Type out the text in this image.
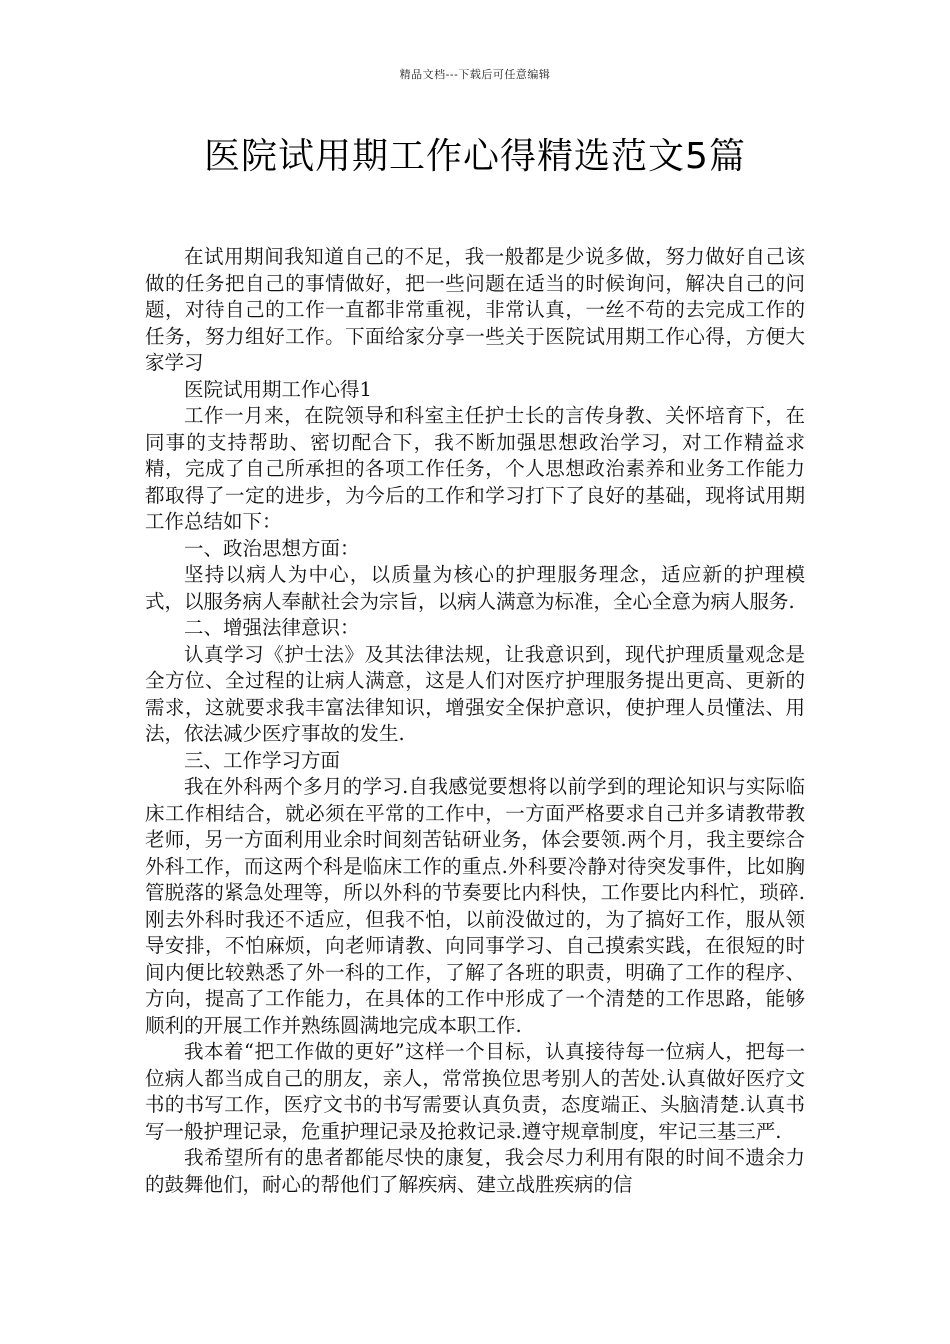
精品文档---下载后可任意编辑
医院试用期工作心得精选范文5篇

在试用期间我知道自己的不足，我一般都是少说多做，努力做好自己该做的任务把自己的事情做好，把一些问题在适当的时候询问，解决自己的问题，对待自己的工作一直都非常重视，非常认真，一丝不苟的去完成工作的任务，努力组好工作。下面给家分享一些关于医院试用期工作心得，方便大家学习

医院试用期工作心得1

工作一月来，在院领导和科室主任护士长的言传身教、关怀培育下，在同事的支持帮助、密切配合下，我不断加强思想政治学习，对工作精益求精，完成了自己所承担的各项工作任务，个人思想政治素养和业务工作能力都取得了一定的进步，为今后的工作和学习打下了良好的基础，现将试用期工作总结如下：

一、政治思想方面：

坚持以病人为中心，以质量为核心的护理服务理念，适应新的护理模式，以服务病人奉献社会为宗旨，以病人满意为标准，全心全意为病人服务.

二、增强法律意识：

认真学习《护士法》及其法律法规，让我意识到，现代护理质量观念是全方位、全过程的让病人满意，这是人们对医疗护理服务提出更高、更新的需求，这就要求我丰富法律知识，增强安全保护意识，使护理人员懂法、用法，依法减少医疗事故的发生.

三、工作学习方面

我在外科两个多月的学习.自我感觉要想将以前学到的理论知识与实际临床工作相结合，就必须在平常的工作中，一方面严格要求自己并多请教带教老师，另一方面利用业余时间刻苦钻研业务，体会要领.两个月，我主要综合外科工作，而这两个科是临床工作的重点.外科要冷静对待突发事件，比如胸管脱落的紧急处理等，所以外科的节奏要比内科快，工作要比内科忙，琐碎.刚去外科时我还不适应，但我不怕，以前没做过的，为了搞好工作，服从领导安排，不怕麻烦，向老师请教、向同事学习、自己摸索实践，在很短的时间内便比较熟悉了外一科的工作，了解了各班的职责，明确了工作的程序、方向，提高了工作能力，在具体的工作中形成了一个清楚的工作思路，能够顺利的开展工作并熟练圆满地完成本职工作.

我本着“把工作做的更好”这样一个目标，认真接待每一位病人，把每一位病人都当成自己的朋友，亲人，常常换位思考别人的苦处.认真做好医疗文书的书写工作，医疗文书的书写需要认真负责，态度端正、头脑清楚.认真书写一般护理记录，危重护理记录及抢救记录.遵守规章制度，牢记三基三严.

我希望所有的患者都能尽快的康复，我会尽力利用有限的时间不遗余力的鼓舞他们，耐心的帮他们了解疾病、建立战胜疾病的信
